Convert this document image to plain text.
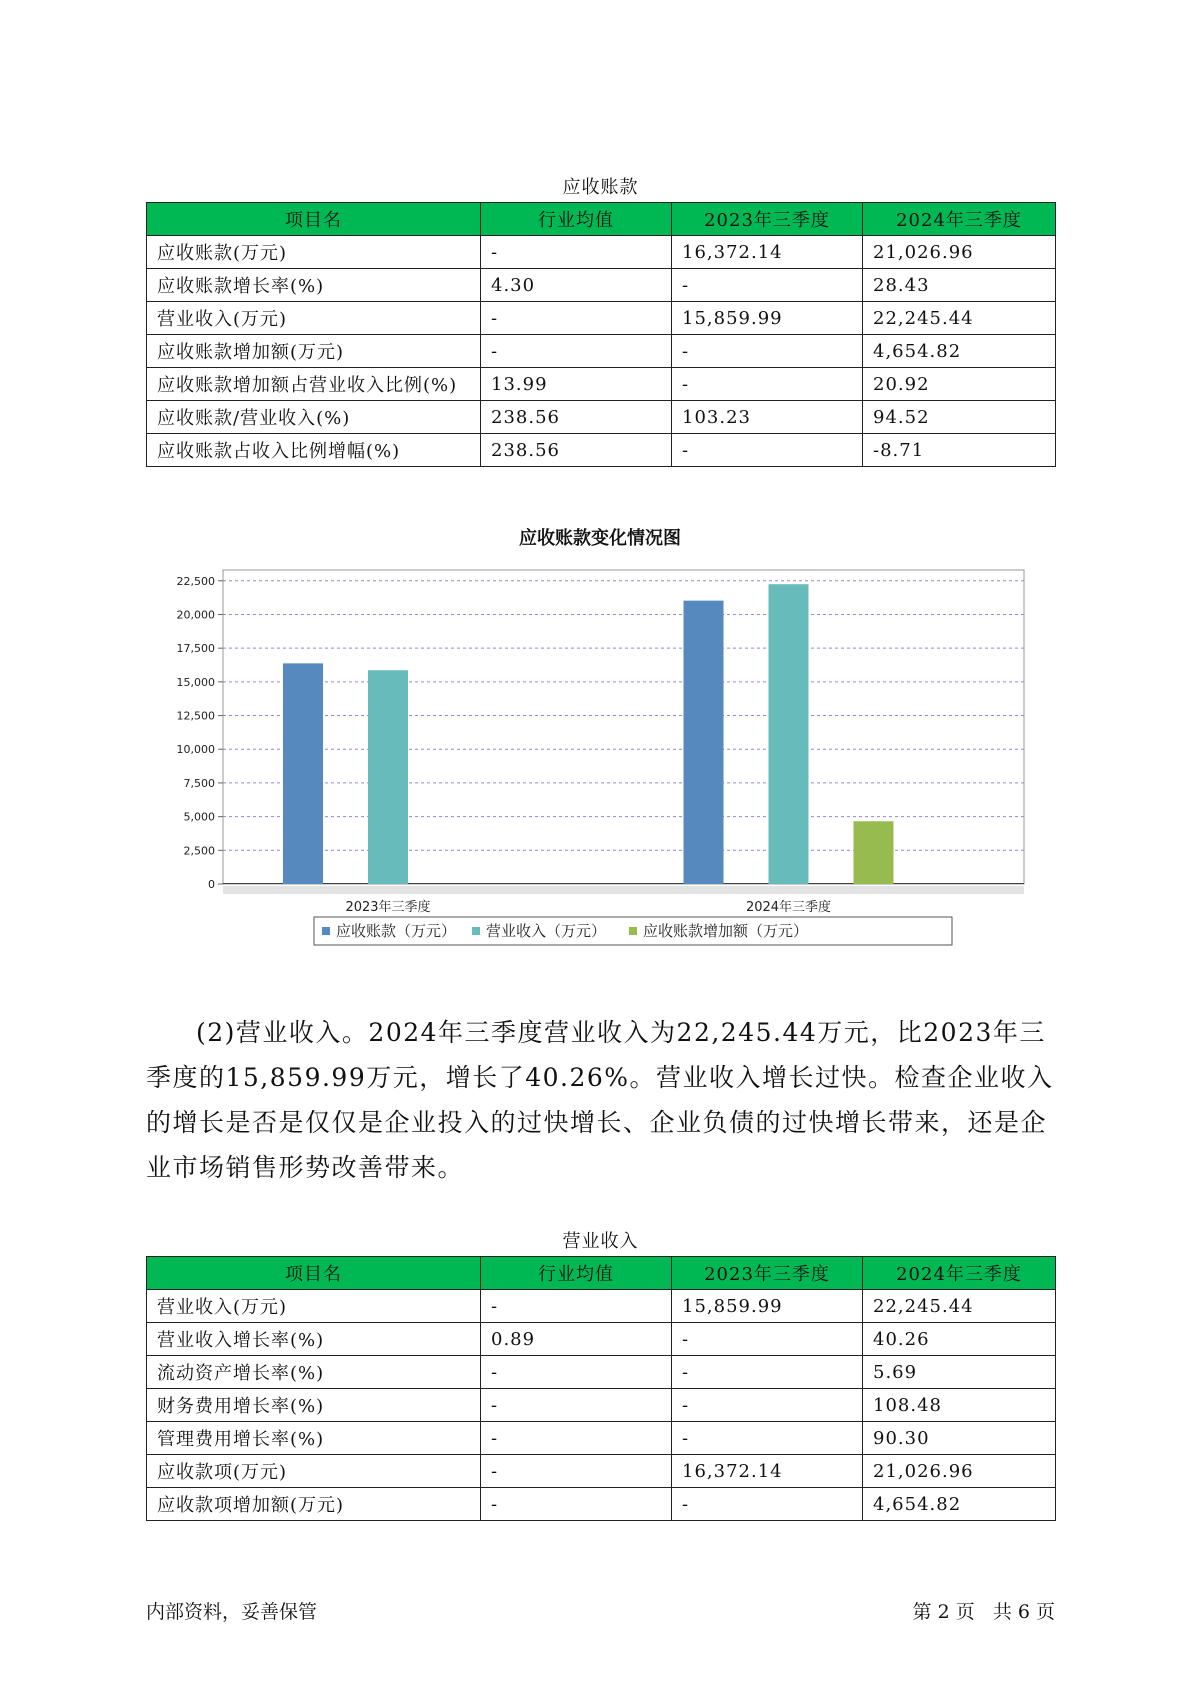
应收账款
项目名	行业均值	2023年三季度	2024年三季度
应收账款(万元)	-	16,372.14	21,026.96
应收账款增长率(%)	4.30	-	28.43
营业收入(万元)	-	15,859.99	22,245.44
应收账款增加额(万元)	-	-	4,654.82
应收账款增加额占营业收入比例(%)	13.99	-	20.92
应收账款/营业收入(%)	238.56	103.23	94.52
应收账款占收入比例增幅(%)	238.56	-	-8.71
应收账款变化情况图
0
2,500
5,000
7,500
10,000
12,500
15,000
17,500
20,000
22,500
2023年三季度	2024年三季度
应收账款（万元） 营业收入（万元） 应收账款增加额（万元）

(2)营业收入。2024年三季度营业收入为22,245.44万元，比2023年三季度的15,859.99万元，增长了40.26%。营业收入增长过快。检查企业收入的增长是否是仅仅是企业投入的过快增长、企业负债的过快增长带来，还是企业市场销售形势改善带来。

营业收入
项目名	行业均值	2023年三季度	2024年三季度
营业收入(万元)	-	15,859.99	22,245.44
营业收入增长率(%)	0.89	-	40.26
流动资产增长率(%)	-	-	5.69
财务费用增长率(%)	-	-	108.48
管理费用增长率(%)	-	-	90.30
应收款项(万元)	-	16,372.14	21,026.96
应收款项增加额(万元)	-	-	4,654.82
内部资料，妥善保管	第 2 页   共 6 页
